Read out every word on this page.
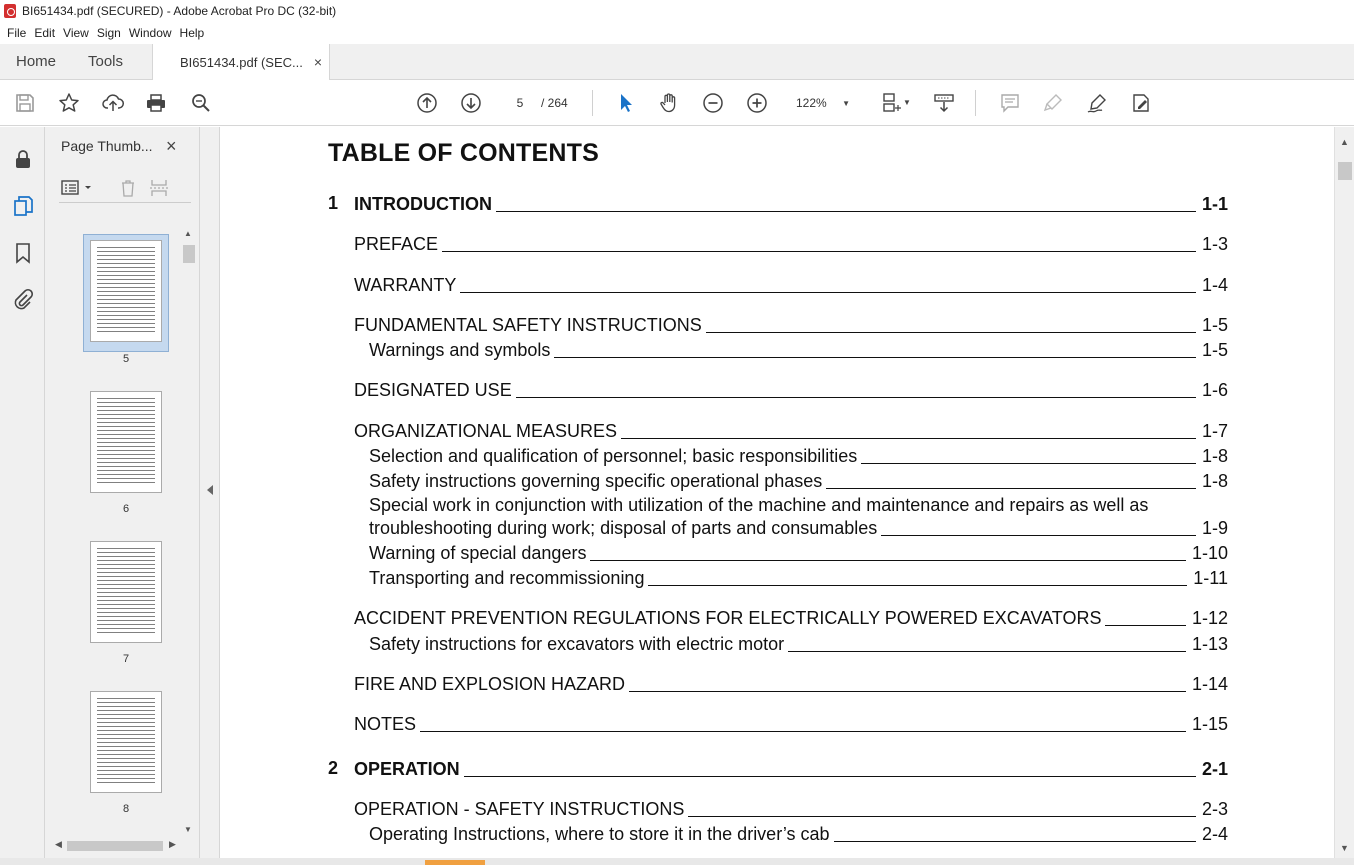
BI651434.pdf (SECURED) - Adobe Acrobat Pro DC (32-bit)
File Edit View Sign Window Help
Home Tools	BI651434.pdf (SEC... ×
5
/ 264	122% ▼	▼
Page Thumb... ×
5
6
7
8
▲
▼
◀	▶
TABLE OF CONTENTS
1 INTRODUCTION	1-1
PREFACE	1-3
WARRANTY	1-4
FUNDAMENTAL SAFETY INSTRUCTIONS	1-5
Warnings and symbols	1-5
DESIGNATED USE	1-6
ORGANIZATIONAL MEASURES	1-7
Selection and qualification of personnel; basic responsibilities	1-8
Safety instructions governing specific operational phases	1-8
Special work in conjunction with utilization of the machine and maintenance and repairs as well as
troubleshooting during work; disposal of parts and consumables	1-9
Warning of special dangers	1-10
Transporting and recommissioning	1-11
ACCIDENT PREVENTION REGULATIONS FOR ELECTRICALLY POWERED EXCAVATORS	1-12
Safety instructions for excavators with electric motor	1-13
FIRE AND EXPLOSION HAZARD	1-14
NOTES	1-15
2 OPERATION	2-1
OPERATION - SAFETY INSTRUCTIONS	2-3
Operating Instructions, where to store it in the driver’s cab	2-4
▲
▼
